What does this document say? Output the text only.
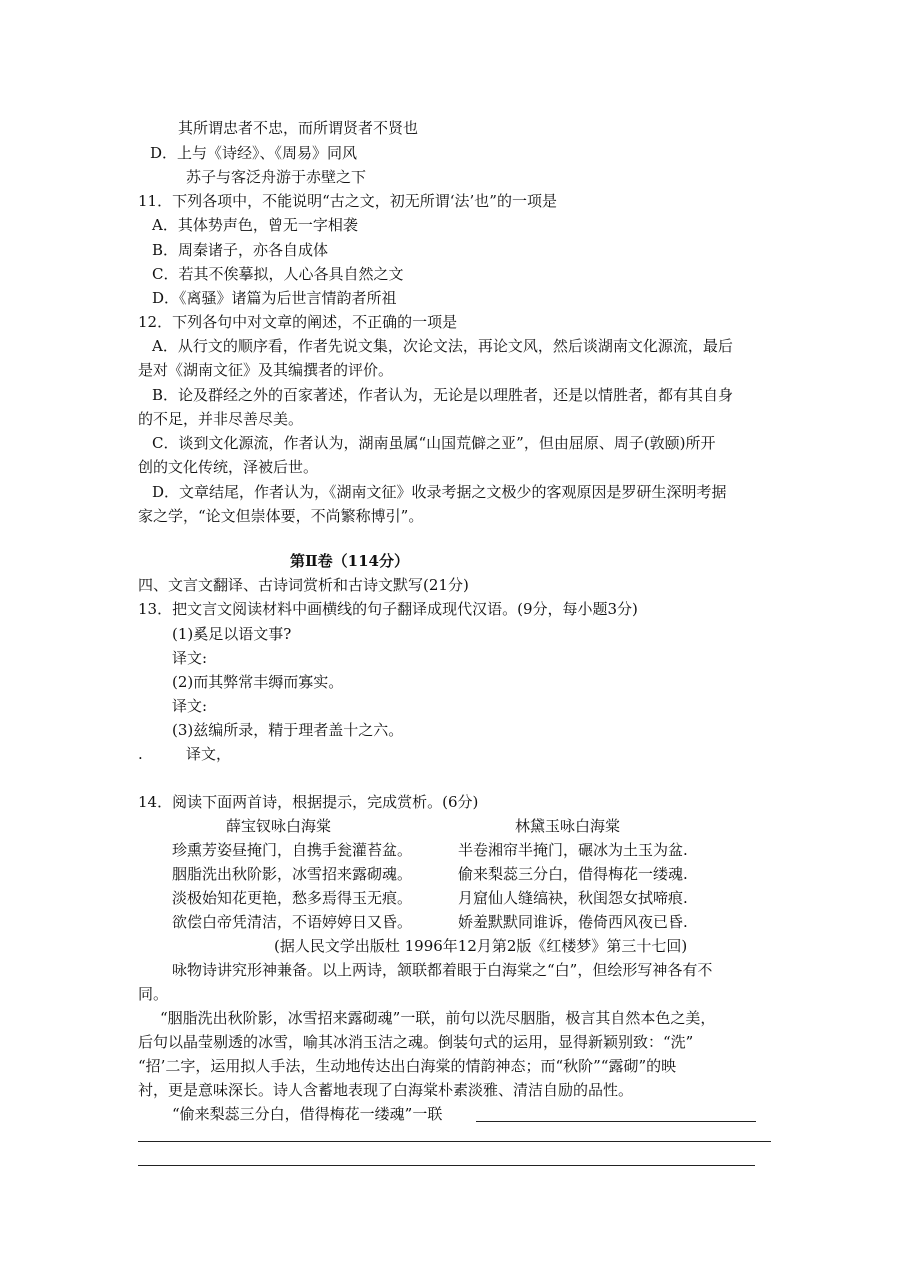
其所谓忠者不忠，而所谓贤者不贤也
D．上与《诗经》、《周易》同风
苏子与客泛舟游于赤壁之下
11．下列各项中，不能说明“古之文，初无所谓‘法’也”的一项是
A．其体势声色，曾无一字相袭
B．周秦诸子，亦各自成体
C．若其不俟摹拟，人心各具自然之文
D．《离骚》诸篇为后世言情韵者所祖
12．下列各句中对文章的阐述，不正确的一项是
A．从行文的顺序看，作者先说文集，次论文法，再论文风，然后谈湖南文化源流，最后
是对《湖南文征》及其编撰者的评价。
B．论及群经之外的百家著述，作者认为，无论是以理胜者，还是以情胜者，都有其自身
的不足，并非尽善尽美。
C．谈到文化源流，作者认为，湖南虽属“山国荒僻之亚”，但由屈原、周子(敦颐)所开
创的文化传统，泽被后世。
D．文章结尾，作者认为，《湖南文征》收录考据之文极少的客观原因是罗研生深明考据
家之学，“论文但崇体要，不尚繁称博引”。
第Ⅱ卷（114分）
四、文言文翻译、古诗词赏析和古诗文默写(21分)
13．把文言文阅读材料中画横线的句子翻译成现代汉语。(9分，每小题3分)
(1)奚足以语文事?
译文:
(2)而其弊常丰缛而寡实。
译文:
(3)兹编所录，精于理者盖十之六。
.	译文，
14．阅读下面两首诗，根据提示，完成赏析。(6分)
薛宝钗咏白海棠	林黛玉咏白海棠
珍熏芳姿昼掩门，自携手瓮灌苔盆。
胭脂洗出秋阶影，冰雪招来露砌魂。
淡极始知花更艳，愁多焉得玉无痕。
欲偿白帝凭清洁，不语婷婷日又昏。
半卷湘帘半掩门，碾冰为土玉为盆.
偷来梨蕊三分白，借得梅花一缕魂.
月窟仙人缝缟袂，秋闺怨女拭啼痕.
娇羞默默同谁诉，倦倚西风夜已昏.
(据人民文学出版杜 1996年12月第2版《红楼梦》第三十七回)
咏物诗讲究形神兼备。以上两诗，颔联都着眼于白海棠之“白”，但绘形写神各有不
同。
“胭脂洗出秋阶影，冰雪招来露砌魂”一联，前句以洗尽胭脂，极言其自然本色之美，
后句以晶莹剔透的冰雪，喻其冰消玉洁之魂。倒装句式的运用，显得新颖别致：“洗”
“招’二字，运用拟人手法，生动地传达出白海棠的情韵神态；而“秋阶”“露砌”的映
衬，更是意味深长。诗人含蓄地表现了白海棠朴素淡雅、清洁自励的品性。
“偷来梨蕊三分白，借得梅花一缕魂”一联
